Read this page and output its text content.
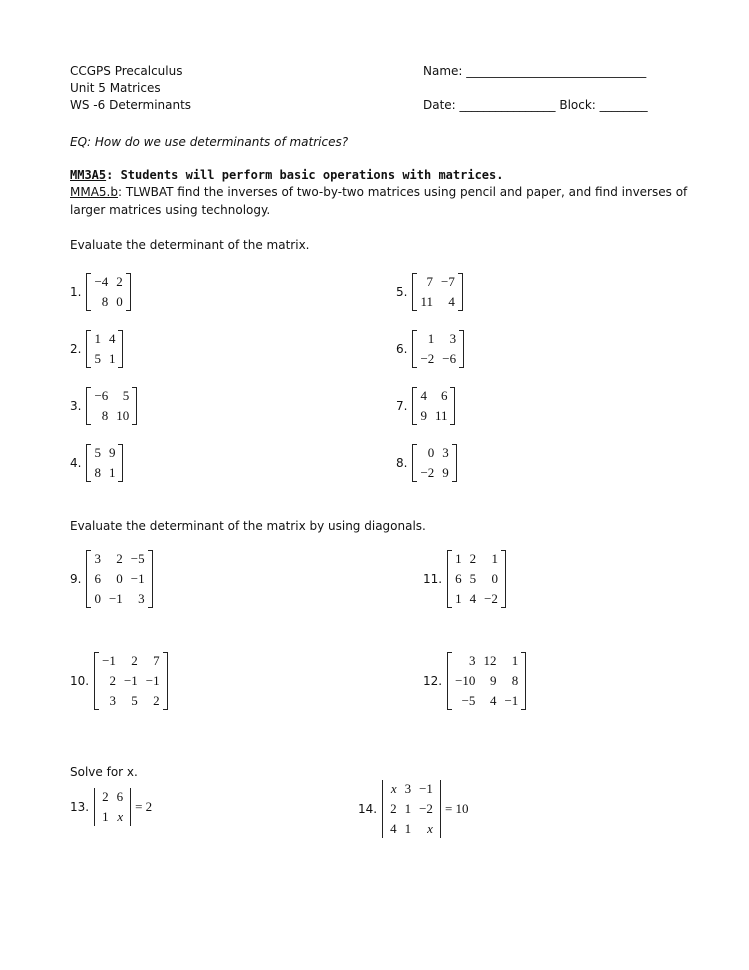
CCGPS Precalculus
Unit 5 Matrices
WS -6 Determinants
Name: ______________________________
Date: ________________ Block: ________
EQ: How do we use determinants of matrices?
MM3A5: Students will perform basic operations with matrices.
MMA5.b: TLWBAT find the inverses of two-by-two matrices using pencil and paper, and find inverses of
larger matrices using technology.
Evaluate the determinant of the matrix.
Evaluate the determinant of the matrix by using diagonals.
Solve for x.
1.
−4 2
8 0
2.
1 4
5 1
3.
−6	5
8 10
4.
5 9
8 1
5.
7 −7
11	4
6.
1	3
−2 −6
7.
4	6
9 11
8.
0 3
−2 9
9.
3	2 −5
6	0 −1
0 −1	3
10.
−1	2	7
2 −1 −1
3	5	2
11.
1 2	1
6 5	0
1 4 −2
12.
3 12	1
−10	9	8
−5	4 −1
13.
2 6
1 x
= 2	14.
x 3 −1
2 1 −2
4 1	x
= 10
